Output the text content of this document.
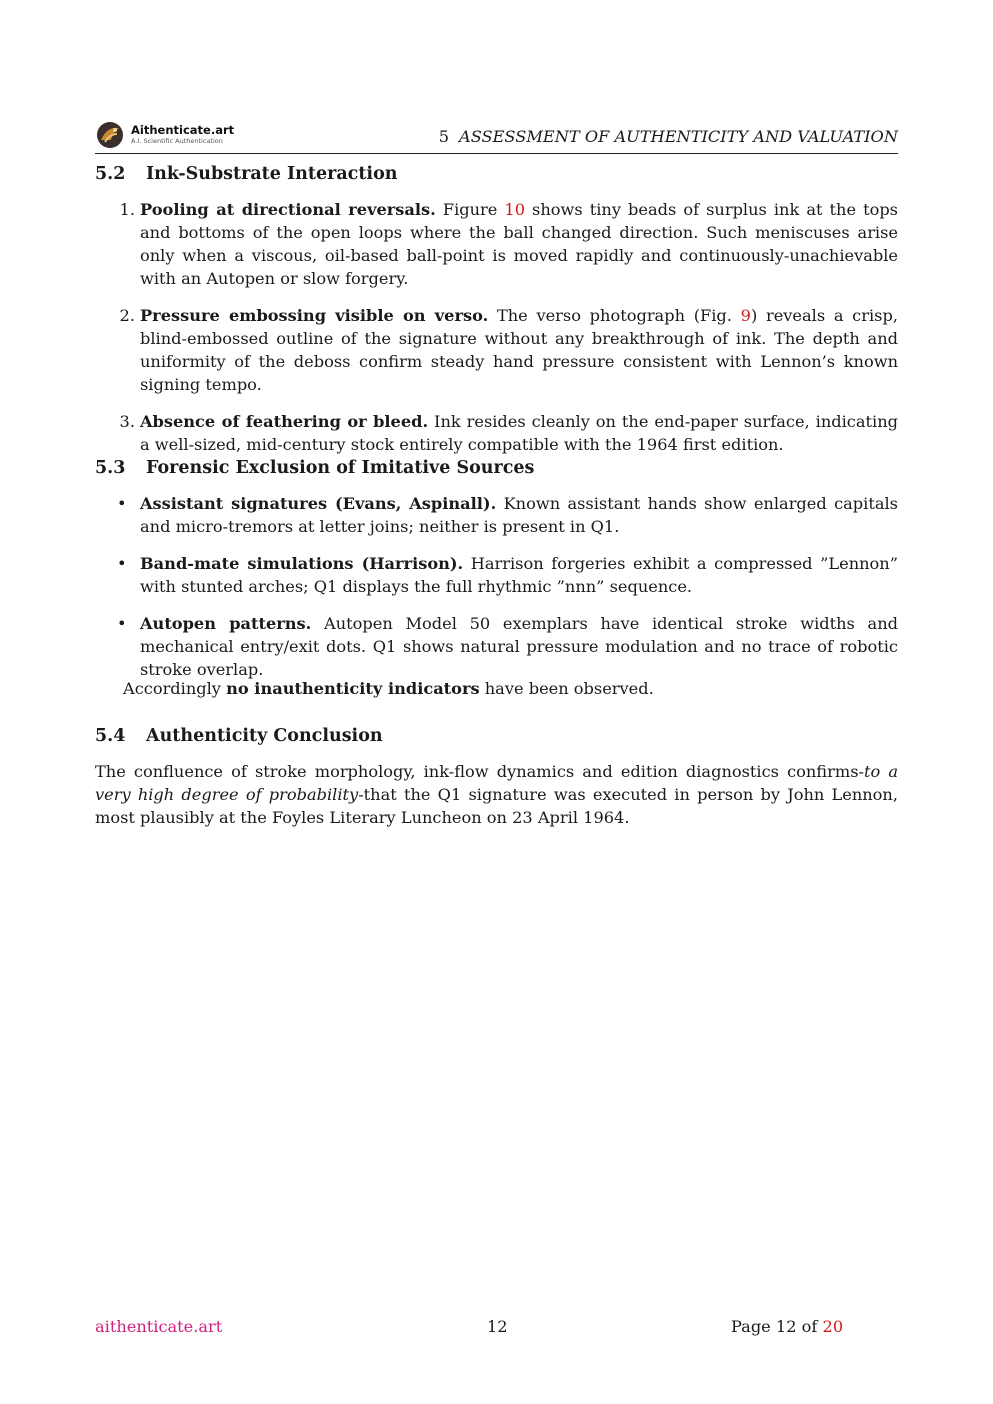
Aithenticate.art
A.I. Scientific Authentication	5 ASSESSMENT OF AUTHENTICITY AND VALUATION
5.2 Ink-Substrate Interaction
1. Pooling at directional reversals. Figure 10 shows tiny beads of surplus ink at the tops and bottoms of the open loops where the ball changed direction. Such meniscuses arise only when a viscous, oil-based ball-point is moved rapidly and continuously-unachievable with an Autopen or slow forgery.
2. Pressure embossing visible on verso. The verso photograph (Fig. 9) reveals a crisp, blind-embossed outline of the signature without any breakthrough of ink. The depth and uniformity of the deboss confirm steady hand pressure consistent with Lennon’s known signing tempo.
3. Absence of feathering or bleed. Ink resides cleanly on the end-paper surface, indicating a well-sized, mid-century stock entirely compatible with the 1964 first edition.
5.3 Forensic Exclusion of Imitative Sources
• Assistant signatures (Evans, Aspinall). Known assistant hands show enlarged capitals and micro-tremors at letter joins; neither is present in Q1.
• Band-mate simulations (Harrison). Harrison forgeries exhibit a compressed ”Lennon” with stunted arches; Q1 displays the full rhythmic ”nnn” sequence.
• Autopen patterns. Autopen Model 50 exemplars have identical stroke widths and mechanical entry/exit dots. Q1 shows natural pressure modulation and no trace of robotic stroke overlap.

Accordingly no inauthenticity indicators have been observed.

5.4 Authenticity Conclusion

The confluence of stroke morphology, ink-flow dynamics and edition diagnostics confirms-to a very high degree of probability-that the Q1 signature was executed in person by John Lennon, most plausibly at the Foyles Literary Luncheon on 23 April 1964.

aithenticate.art	12	Page 12 of 20
